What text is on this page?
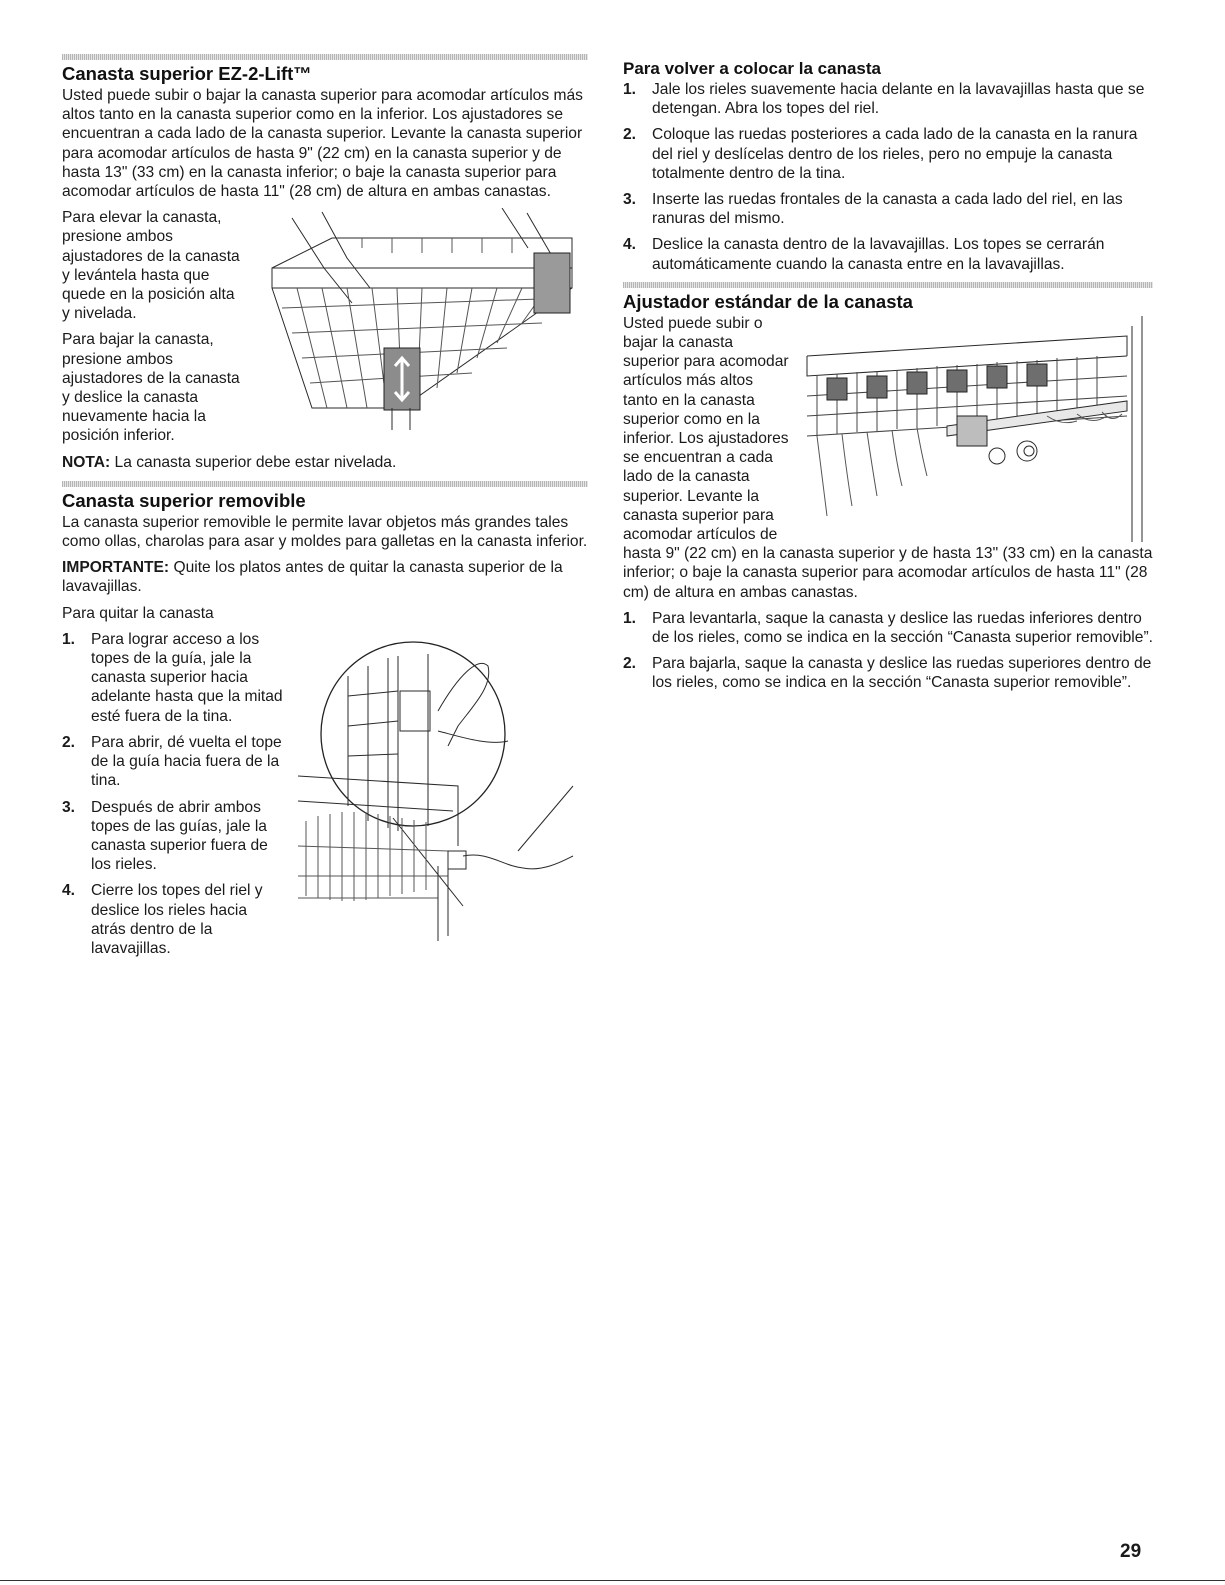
Canasta superior EZ-2-Lift™

Usted puede subir o bajar la canasta superior para acomodar artículos más altos tanto en la canasta superior como en la inferior. Los ajustadores se encuentran a cada lado de la canasta superior. Levante la canasta superior para acomodar artículos de hasta 9" (22 cm) en la canasta superior y de hasta 13" (33 cm) en la canasta inferior; o baje la canasta superior para acomodar artículos de hasta 11" (28 cm) de altura en ambas canastas.

Para elevar la canasta, presione ambos ajustadores de la canasta y levántela hasta que quede en la posición alta y nivelada.

Para bajar la canasta, presione ambos ajustadores de la canasta y deslice la canasta nuevamente hacia la posición inferior.

NOTA: La canasta superior debe estar nivelada.

Canasta superior removible

La canasta superior removible le permite lavar objetos más grandes tales como ollas, charolas para asar y moldes para galletas en la canasta inferior.

IMPORTANTE: Quite los platos antes de quitar la canasta superior de la lavavajillas.

Para quitar la canasta

1. Para lograr acceso a los topes de la guía, jale la canasta superior hacia adelante hasta que la mitad esté fuera de la tina.
2. Para abrir, dé vuelta el tope de la guía hacia fuera de la tina.
3. Después de abrir ambos topes de las guías, jale la canasta superior fuera de los rieles.
4. Cierre los topes del riel y deslice los rieles hacia atrás dentro de la lavavajillas.
Para volver a colocar la canasta
1. Jale los rieles suavemente hacia delante en la lavavajillas hasta que se detengan. Abra los topes del riel.
2. Coloque las ruedas posteriores a cada lado de la canasta en la ranura del riel y deslícelas dentro de los rieles, pero no empuje la canasta totalmente dentro de la tina.
3. Inserte las ruedas frontales de la canasta a cada lado del riel, en las ranuras del mismo.
4. Deslice la canasta dentro de la lavavajillas. Los topes se cerrarán automáticamente cuando la canasta entre en la lavavajillas.
Ajustador estándar de la canasta

Usted puede subir o bajar la canasta superior para acomodar artículos más altos tanto en la canasta superior como en la inferior. Los ajustadores se encuentran a cada lado de la canasta superior. Levante la canasta superior para acomodar artículos de hasta 9" (22 cm) en la canasta superior y de hasta 13" (33 cm) en la canasta inferior; o baje la canasta superior para acomodar artículos de hasta 11" (28 cm) de altura en ambas canastas.

1. Para levantarla, saque la canasta y deslice las ruedas inferiores dentro de los rieles, como se indica en la sección “Canasta superior removible”.
2. Para bajarla, saque la canasta y deslice las ruedas superiores dentro de los rieles, como se indica en la sección “Canasta superior removible”.
29
